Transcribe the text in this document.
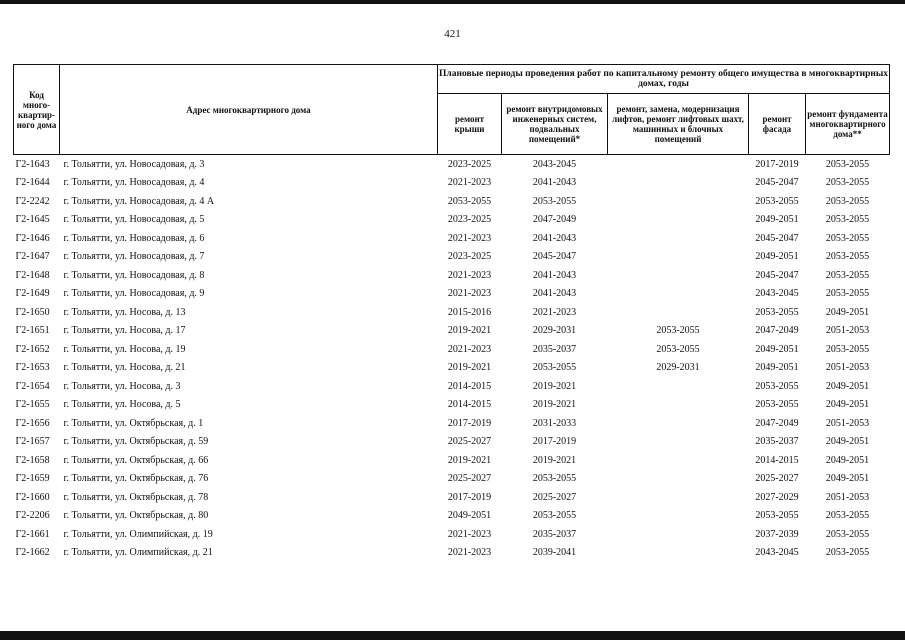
421
Код много-квартир-ного дома	Адрес многоквартирного дома	Плановые периоды проведения работ по капитальному ремонту общего имущества в многоквартирных домах, годы				
		ремонт крыши	ремонт внутридомовых инженерных систем, подвальных помещений*	ремонт, замена, модернизация лифтов, ремонт лифтовых шахт, машинных и блочных помещений	ремонт фасада	ремонт фундамента многоквартирного дома**
Г2-1643	г. Тольятти, ул. Новосадовая, д. 3	2023-2025	2043-2045		2017-2019	2053-2055
Г2-1644	г. Тольятти, ул. Новосадовая, д. 4	2021-2023	2041-2043		2045-2047	2053-2055
Г2-2242	г. Тольятти, ул. Новосадовая, д. 4 А	2053-2055	2053-2055		2053-2055	2053-2055
Г2-1645	г. Тольятти, ул. Новосадовая, д. 5	2023-2025	2047-2049		2049-2051	2053-2055
Г2-1646	г. Тольятти, ул. Новосадовая, д. 6	2021-2023	2041-2043		2045-2047	2053-2055
Г2-1647	г. Тольятти, ул. Новосадовая, д. 7	2023-2025	2045-2047		2049-2051	2053-2055
Г2-1648	г. Тольятти, ул. Новосадовая, д. 8	2021-2023	2041-2043		2045-2047	2053-2055
Г2-1649	г. Тольятти, ул. Новосадовая, д. 9	2021-2023	2041-2043		2043-2045	2053-2055
Г2-1650	г. Тольятти, ул. Носова, д. 13	2015-2016	2021-2023		2053-2055	2049-2051
Г2-1651	г. Тольятти, ул. Носова, д. 17	2019-2021	2029-2031	2053-2055	2047-2049	2051-2053
Г2-1652	г. Тольятти, ул. Носова, д. 19	2021-2023	2035-2037	2053-2055	2049-2051	2053-2055
Г2-1653	г. Тольятти, ул. Носова, д. 21	2019-2021	2053-2055	2029-2031	2049-2051	2051-2053
Г2-1654	г. Тольятти, ул. Носова, д. 3	2014-2015	2019-2021		2053-2055	2049-2051
Г2-1655	г. Тольятти, ул. Носова, д. 5	2014-2015	2019-2021		2053-2055	2049-2051
Г2-1656	г. Тольятти, ул. Октябрьская, д. 1	2017-2019	2031-2033		2047-2049	2051-2053
Г2-1657	г. Тольятти, ул. Октябрьская, д. 59	2025-2027	2017-2019		2035-2037	2049-2051
Г2-1658	г. Тольятти, ул. Октябрьская, д. 66	2019-2021	2019-2021		2014-2015	2049-2051
Г2-1659	г. Тольятти, ул. Октябрьская, д. 76	2025-2027	2053-2055		2025-2027	2049-2051
Г2-1660	г. Тольятти, ул. Октябрьская, д. 78	2017-2019	2025-2027		2027-2029	2051-2053
Г2-2206	г. Тольятти, ул. Октябрьская, д. 80	2049-2051	2053-2055		2053-2055	2053-2055
Г2-1661	г. Тольятти, ул. Олимпийская, д. 19	2021-2023	2035-2037		2037-2039	2053-2055
Г2-1662	г. Тольятти, ул. Олимпийская, д. 21	2021-2023	2039-2041		2043-2045	2053-2055
